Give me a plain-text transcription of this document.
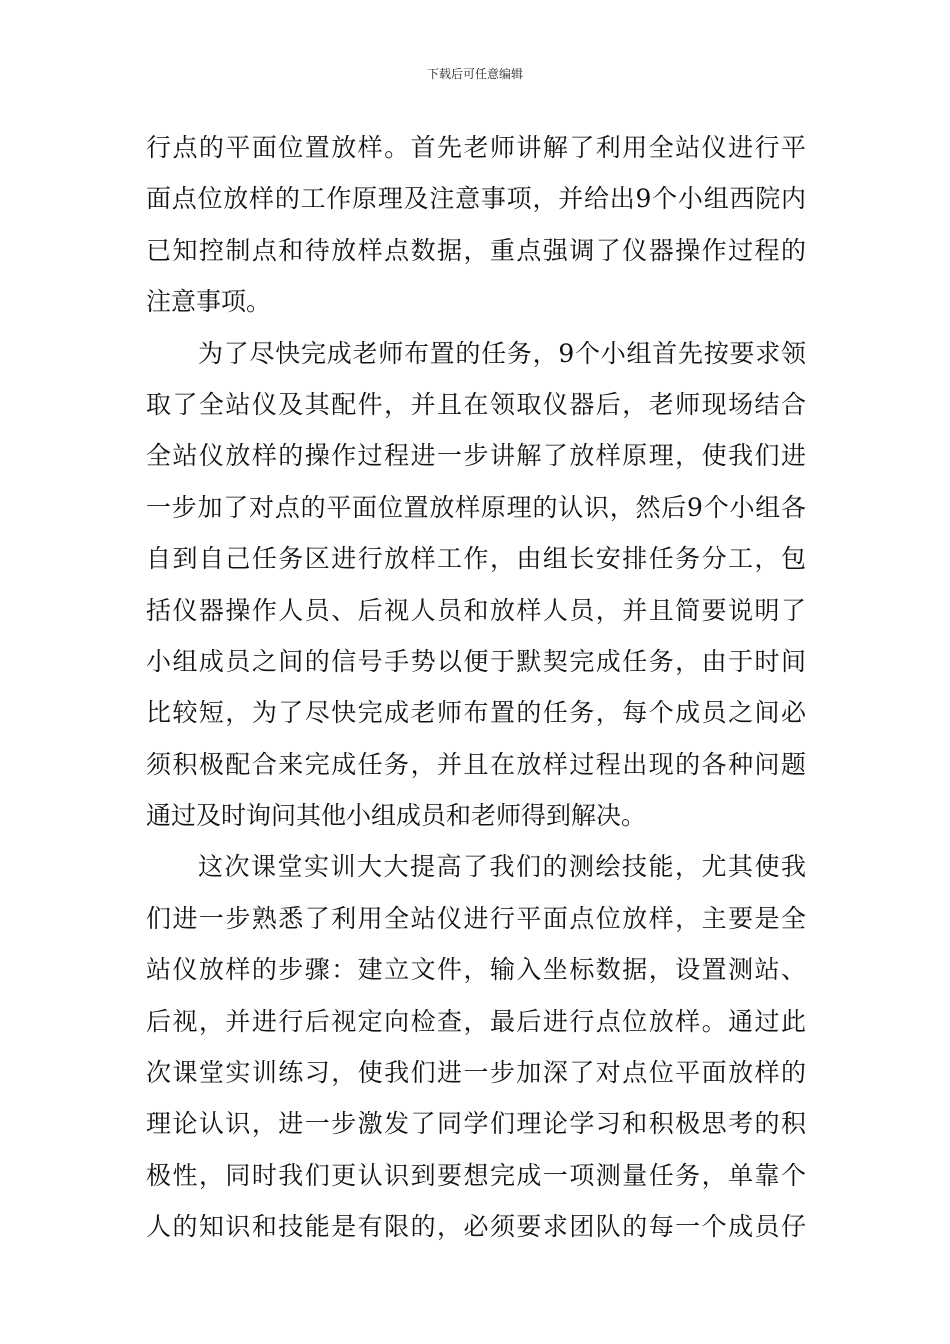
下载后可任意编辑
行点的平面位置放样。首先老师讲解了利用全站仪进行平
面点位放样的工作原理及注意事项，并给出9个小组西院内
已知控制点和待放样点数据，重点强调了仪器操作过程的
注意事项。
为了尽快完成老师布置的任务，9个小组首先按要求领
取了全站仪及其配件，并且在领取仪器后，老师现场结合
全站仪放样的操作过程进一步讲解了放样原理，使我们进
一步加了对点的平面位置放样原理的认识，然后9个小组各
自到自己任务区进行放样工作，由组长安排任务分工，包
括仪器操作人员、后视人员和放样人员，并且简要说明了
小组成员之间的信号手势以便于默契完成任务，由于时间
比较短，为了尽快完成老师布置的任务，每个成员之间必
须积极配合来完成任务，并且在放样过程出现的各种问题
通过及时询问其他小组成员和老师得到解决。
这次课堂实训大大提高了我们的测绘技能，尤其使我
们进一步熟悉了利用全站仪进行平面点位放样，主要是全
站仪放样的步骤：建立文件，输入坐标数据，设置测站、
后视，并进行后视定向检查，最后进行点位放样。通过此
次课堂实训练习，使我们进一步加深了对点位平面放样的
理论认识，进一步激发了同学们理论学习和积极思考的积
极性，同时我们更认识到要想完成一项测量任务，单靠个
人的知识和技能是有限的，必须要求团队的每一个成员仔
